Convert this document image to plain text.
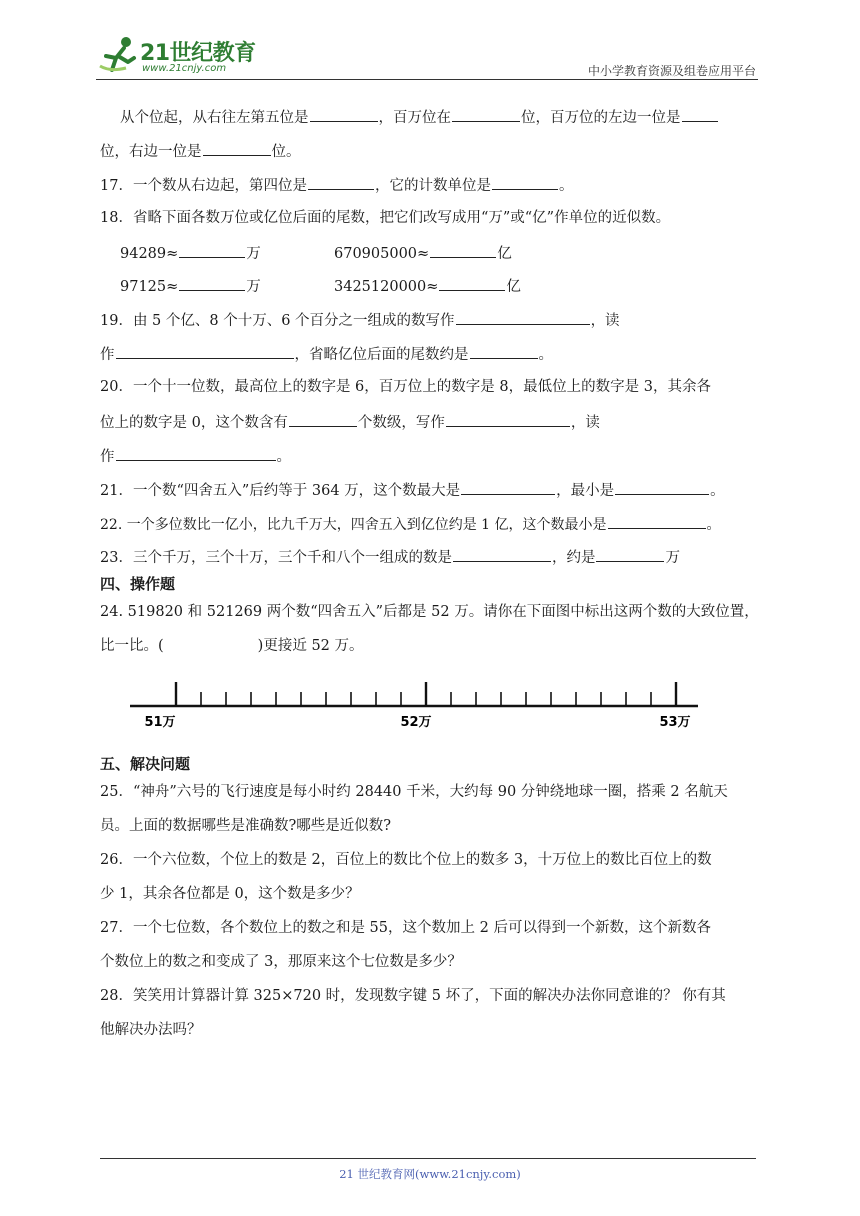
21世纪教育
www.21cnjy.com	中小学教育资源及组卷应用平台
从个位起，从右往左第五位是	，百万位在	位，百万位的左边一位是
位，右边一位是	位。
17．一个数从右边起，第四位是	，它的计数单位是	。
18．省略下面各数万位或亿位后面的尾数，把它们改写成用“万”或“亿”作单位的近似数。
94289≈	万	670905000≈	亿
97125≈	万	3425120000≈	亿
19．由 5 个亿、8 个十万、6 个百分之一组成的数写作	，读
作	，省略亿位后面的尾数约是	。
20．一个十一位数，最高位上的数字是 6，百万位上的数字是 8，最低位上的数字是 3，其余各
位上的数字是 0，这个数含有	个数级，写作	，读
作	。
21．一个数“四舍五入”后约等于 364 万，这个数最大是	，最小是	。
22. 一个多位数比一亿小，比九千万大，四舍五入到亿位约是 1 亿，这个数最小是	。
23．三个千万，三个十万，三个千和八个一组成的数是	，约是	万
四、操作题
24. 519820 和 521269 两个数“四舍五入”后都是 52 万。请你在下面图中标出这两个数的大致位置，
比一比。(	)更接近 52 万。
51万	52万	53万
五、解决问题
25．“神舟”六号的飞行速度是每小时约 28440 千米，大约每 90 分钟绕地球一圈，搭乘 2 名航天
员。上面的数据哪些是准确数?哪些是近似数?
26．一个六位数，个位上的数是 2，百位上的数比个位上的数多 3，十万位上的数比百位上的数
少 1，其余各位都是 0，这个数是多少？
27．一个七位数，各个数位上的数之和是 55，这个数加上 2 后可以得到一个新数，这个新数各
个数位上的数之和变成了 3，那原来这个七位数是多少？
28．笑笑用计算器计算 325×720 时，发现数字键 5 坏了，下面的解决办法你同意谁的？ 你有其
他解决办法吗？
21 世纪教育网(www.21cnjy.com)
